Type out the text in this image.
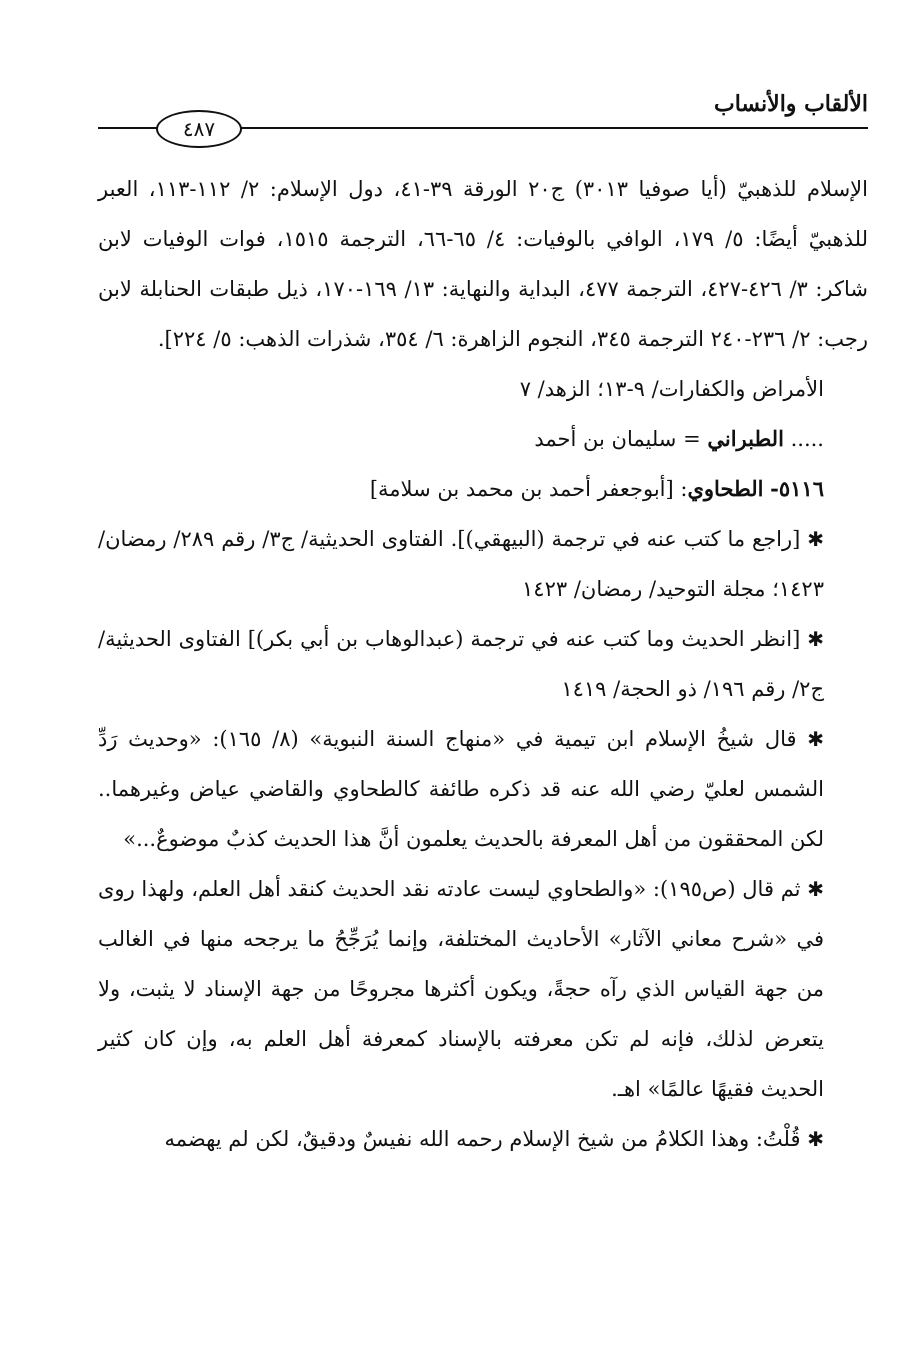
الألقاب والأنساب
٤٨٧

الإسلام للذهبيّ (أيا صوفيا ٣٠١٣) ج٢٠ الورقة ٣٩-٤١، دول الإسلام: ٢/ ١١٢-١١٣، العبر للذهبيّ أيضًا: ٥/ ١٧٩، الوافي بالوفيات: ٤/ ٦٥-٦٦، الترجمة ١٥١٥، فوات الوفيات لابن شاكر: ٣/ ٤٢٦-٤٢٧، الترجمة ٤٧٧، البداية والنهاية: ١٣/ ١٦٩-١٧٠، ذيل طبقات الحنابلة لابن رجب: ٢/ ٢٣٦-٢٤٠ الترجمة ٣٤٥، النجوم الزاهرة: ٦/ ٣٥٤، شذرات الذهب: ٥/ ٢٢٤].

الأمراض والكفارات/ ٩-١٣؛ الزهد/ ٧

..... الطبراني = سليمان بن أحمد

٥١١٦- الطحاوي: [أبوجعفر أحمد بن محمد بن سلامة]

✱ [راجع ما كتب عنه في ترجمة (البيهقي)]. الفتاوى الحديثية/ ج٣/ رقم ٢٨٩/ رمضان/ ١٤٢٣؛ مجلة التوحيد/ رمضان/ ١٤٢٣

✱ [انظر الحديث وما كتب عنه في ترجمة (عبدالوهاب بن أبي بكر)] الفتاوى الحديثية/ ج٢/ رقم ١٩٦/ ذو الحجة/ ١٤١٩

✱ قال شيخُ الإسلام ابن تيمية في «منهاج السنة النبوية» (٨/ ١٦٥): «وحديث رَدِّ الشمس لعليّ رضي الله عنه قد ذكره طائفة كالطحاوي والقاضي عياض وغيرهما.. لكن المحققون من أهل المعرفة بالحديث يعلمون أنَّ هذا الحديث كذبٌ موضوعٌ...»

✱ ثم قال (ص١٩٥): «والطحاوي ليست عادته نقد الحديث كنقد أهل العلم، ولهذا روى في «شرح معاني الآثار» الأحاديث المختلفة، وإنما يُرَجِّحُ ما يرجحه منها في الغالب من جهة القياس الذي رآه حجةً، ويكون أكثرها مجروحًا من جهة الإسناد لا يثبت، ولا يتعرض لذلك، فإنه لم تكن معرفته بالإسناد كمعرفة أهل العلم به، وإن كان كثير الحديث فقيهًا عالمًا» اهـ.

✱ قُلْتُ: وهذا الكلامُ من شيخ الإسلام رحمه الله نفيسٌ ودقيقٌ، لكن لم يهضمه
